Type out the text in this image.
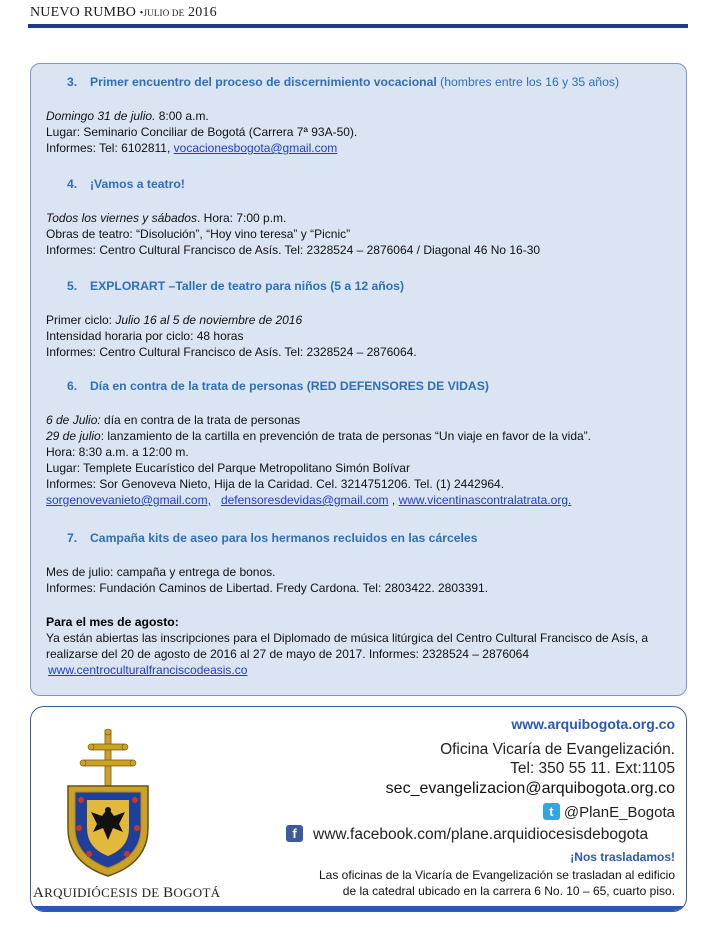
NUEVO RUMBO •JULIO DE 2016
3. Primer encuentro del proceso de discernimiento vocacional (hombres entre los 16 y 35 años)
Domingo 31 de julio. 8:00 a.m.
Lugar: Seminario Conciliar de Bogotá (Carrera 7ª 93A-50).
Informes: Tel: 6102811, vocacionesbogota@gmail.com
4. ¡Vamos a teatro!
Todos los viernes y sábados. Hora: 7:00 p.m.
Obras de teatro: “Disolución”, “Hoy vino teresa” y “Picnic”
Informes: Centro Cultural Francisco de Asís. Tel: 2328524 – 2876064 / Diagonal 46 No 16-30
5. EXPLORART –Taller de teatro para niños (5 a 12 años)
Primer ciclo: Julio 16 al 5 de noviembre de 2016
Intensidad horaria por ciclo: 48 horas
Informes: Centro Cultural Francisco de Asís. Tel: 2328524 – 2876064.
6. Día en contra de la trata de personas (RED DEFENSORES DE VIDAS)
6 de Julio: día en contra de la trata de personas
29 de julio: lanzamiento de la cartilla en prevención de trata de personas “Un viaje en favor de la vida”.
Hora: 8:30 a.m. a 12:00 m.
Lugar: Templete Eucarístico del Parque Metropolitano Simón Bolívar
Informes: Sor Genoveva Nieto, Hija de la Caridad. Cel. 3214751206. Tel. (1) 2442964.
sorgenovevanieto@gmail.com, defensoresdevidas@gmail.com , www.vicentinascontralatrata.org.
7. Campaña kits de aseo para los hermanos recluidos en las cárceles
Mes de julio: campaña y entrega de bonos.
Informes: Fundación Caminos de Libertad. Fredy Cardona. Tel: 2803422. 2803391.
Para el mes de agosto:
Ya están abiertas las inscripciones para el Diplomado de música litúrgica del Centro Cultural Francisco de Asís, a
realizarse del 20 de agosto de 2016 al 27 de mayo de 2017. Informes: 2328524 – 2876064
www.centroculturalfranciscodeasis.co
ARQUIDIÓCESIS DE BOGOTÁ
www.arquibogota.org.co
Oficina Vicaría de Evangelización.
Tel: 350 55 11. Ext:1105
sec_evangelizacion@arquibogota.org.co
t @PlanE_Bogota
f	www.facebook.com/plane.arquidiocesisdebogota
¡Nos trasladamos!
Las oficinas de la Vicaría de Evangelización se trasladan al edificio
de la catedral ubicado en la carrera 6 No. 10 – 65, cuarto piso.
